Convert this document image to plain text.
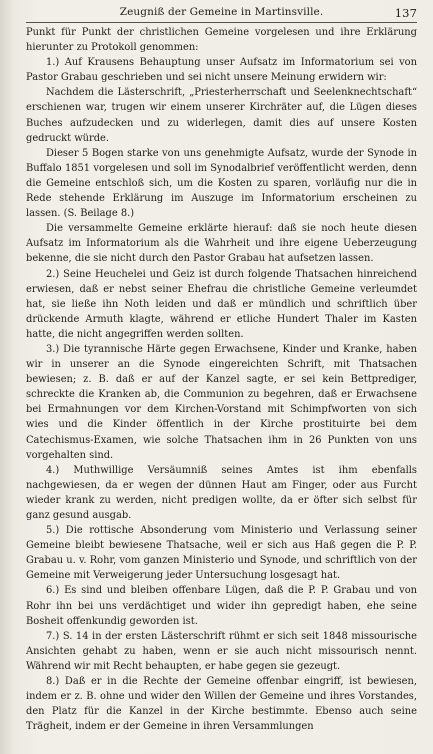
Zeugniß der Gemeine in Martinsville.	137

Punkt für Punkt der christlichen Gemeine vorgelesen und ihre Erklärung hierunter zu Protokoll genommen:

1.) Auf Krausens Behauptung unser Aufsatz im Informatorium sei von Pastor Grabau geschrieben und sei nicht unsere Meinung erwidern wir:

Nachdem die Lästerschrift, „Priesterherrschaft und Seelenknechtschaft“ erschienen war, trugen wir einem unserer Kirchräter auf, die Lügen dieses Buches aufzudecken und zu widerlegen, damit dies auf unsere Kosten gedruckt würde.

Dieser 5 Bogen starke von uns genehmigte Aufsatz, wurde der Synode in Buffalo 1851 vorgelesen und soll im Synodalbrief veröffentlicht werden, denn die Gemeine entschloß sich, um die Kosten zu sparen, vorläufig nur die in Rede stehende Erklärung im Auszuge im Informatorium erscheinen zu lassen. (S. Beilage 8.)

Die versammelte Gemeine erklärte hierauf: daß sie noch heute diesen Aufsatz im Informatorium als die Wahrheit und ihre eigene Ueberzeugung bekenne, die sie nicht durch den Pastor Grabau hat aufsetzen lassen.

2.) Seine Heuchelei und Geiz ist durch folgende Thatsachen hinreichend erwiesen, daß er nebst seiner Ehefrau die christliche Gemeine verleumdet hat, sie ließe ihn Noth leiden und daß er mündlich und schriftlich über drückende Armuth klagte, während er etliche Hundert Thaler im Kasten hatte, die nicht angegriffen werden sollten.

3.) Die tyrannische Härte gegen Erwachsene, Kinder und Kranke, haben wir in unserer an die Synode eingereichten Schrift, mit Thatsachen bewiesen; z. B. daß er auf der Kanzel sagte, er sei kein Bettprediger, schreckte die Kranken ab, die Communion zu begehren, daß er Erwachsene bei Ermahnungen vor dem Kirchen-Vorstand mit Schimpfworten von sich wies und die Kinder öffentlich in der Kirche prostituirte bei dem Catechismus-Examen, wie solche Thatsachen ihm in 26 Punkten von uns vorgehalten sind.

4.) Muthwillige Versäumniß seines Amtes ist ihm ebenfalls nachgewiesen, da er wegen der dünnen Haut am Finger, oder aus Furcht wieder krank zu werden, nicht predigen wollte, da er öfter sich selbst für ganz gesund ausgab.

5.) Die rottische Absonderung vom Ministerio und Verlassung seiner Gemeine bleibt bewiesene Thatsache, weil er sich aus Haß gegen die P. P. Grabau u. v. Rohr, vom ganzen Ministerio und Synode, und schriftlich von der Gemeine mit Verweigerung jeder Untersuchung losgesagt hat.

6.) Es sind und bleiben offenbare Lügen, daß die P. P. Grabau und von Rohr ihn bei uns verdächtiget und wider ihn gepredigt haben, ehe seine Bosheit offenkundig geworden ist.

7.) S. 14 in der ersten Lästerschrift rühmt er sich seit 1848 missourische Ansichten gehabt zu haben, wenn er sie auch nicht missourisch nennt. Während wir mit Recht behaupten, er habe gegen sie gezeugt.

8.) Daß er in die Rechte der Gemeine offenbar eingriff, ist bewiesen, indem er z. B. ohne und wider den Willen der Gemeine und ihres Vorstandes, den Platz für die Kanzel in der Kirche bestimmte. Ebenso auch seine Trägheit, indem er der Gemeine in ihren Versammlungen
